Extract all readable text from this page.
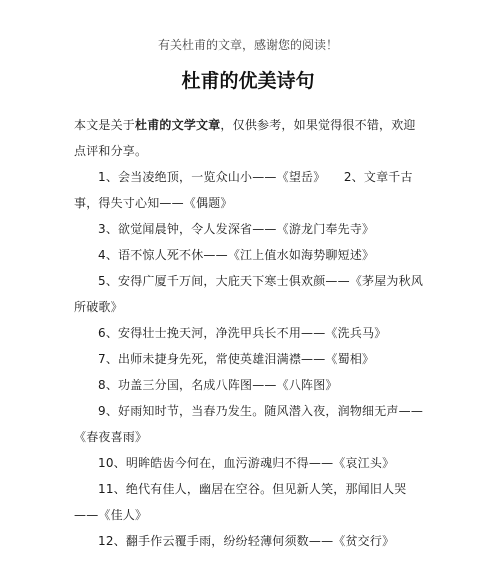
有关杜甫的文章，感谢您的阅读！
杜甫的优美诗句

本文是关于杜甫的文学文章，仅供参考，如果觉得很不错，欢迎点评和分享。

1、会当凌绝顶，一览众山小——《望岳》　　2、文章千古事，得失寸心知——《偶题》

3、欲觉闻晨钟，令人发深省——《游龙门奉先寺》

4、语不惊人死不休——《江上值水如海势聊短述》

5、安得广厦千万间，大庇天下寒士俱欢颜——《茅屋为秋风所破歌》

6、安得壮士挽天河，净洗甲兵长不用——《洗兵马》

7、出师未捷身先死，常使英雄泪满襟——《蜀相》

8、功盖三分国，名成八阵图——《八阵图》

9、好雨知时节，当春乃发生。随风潜入夜，润物细无声——《春夜喜雨》

10、明眸皓齿今何在，血污游魂归不得——《哀江头》

11、绝代有佳人，幽居在空谷。但见新人笑，那闻旧人哭——《佳人》

12、翻手作云覆手雨，纷纷轻薄何须数——《贫交行》
